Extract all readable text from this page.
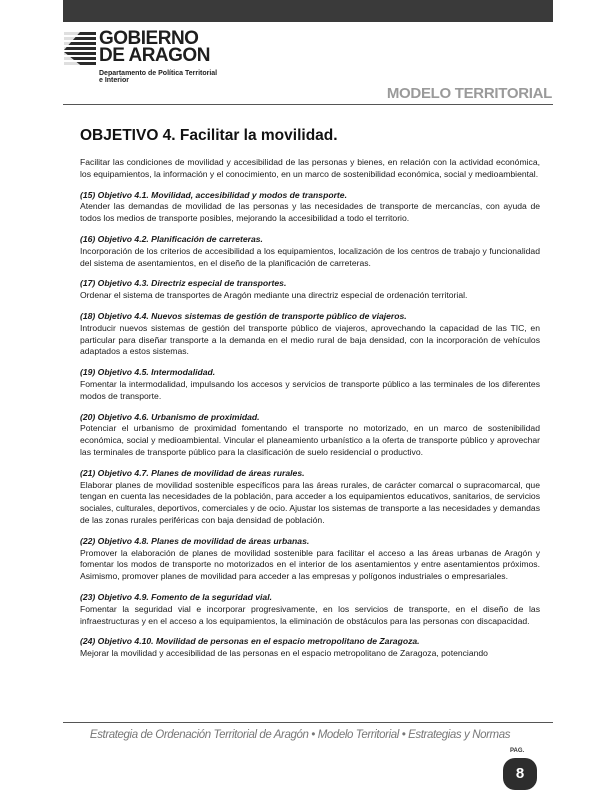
GOBIERNO
DE ARAGON
Departamento de Política Territorial
e Interior
MODELO TERRITORIAL
OBJETIVO 4. Facilitar la movilidad.

Facilitar las condiciones de movilidad y accesibilidad de las personas y bienes, en relación con la actividad económica, los equipamientos, la información y el conocimiento, en un marco de sostenibilidad económica, social y medioambiental.

(15) Objetivo 4.1. Movilidad, accesibilidad y modos de transporte.
Atender las demandas de movilidad de las personas y las necesidades de transporte de mercancías, con ayuda de todos los medios de transporte posibles, mejorando la accesibilidad a todo el territorio.
(16) Objetivo 4.2. Planificación de carreteras.
Incorporación de los criterios de accesibilidad a los equipamientos, localización de los centros de trabajo y funcionalidad del sistema de asentamientos, en el diseño de la planificación de carreteras.
(17) Objetivo 4.3. Directriz especial de transportes.
Ordenar el sistema de transportes de Aragón mediante una directriz especial de ordenación territorial.
(18) Objetivo 4.4. Nuevos sistemas de gestión de transporte público de viajeros.
Introducir nuevos sistemas de gestión del transporte público de viajeros, aprovechando la capacidad de las TIC, en particular para diseñar transporte a la demanda en el medio rural de baja densidad, con la incorporación de vehículos adaptados a estos sistemas.
(19) Objetivo 4.5. Intermodalidad.
Fomentar la intermodalidad, impulsando los accesos y servicios de transporte público a las terminales de los diferentes modos de transporte.
(20) Objetivo 4.6. Urbanismo de proximidad.
Potenciar el urbanismo de proximidad fomentando el transporte no motorizado, en un marco de sostenibilidad económica, social y medioambiental. Vincular el planeamiento urbanístico a la oferta de transporte público y aprovechar las terminales de transporte público para la clasificación de suelo residencial o productivo.
(21) Objetivo 4.7. Planes de movilidad de áreas rurales.
Elaborar planes de movilidad sostenible específicos para las áreas rurales, de carácter comarcal o supracomarcal, que tengan en cuenta las necesidades de la población, para acceder a los equipamientos educativos, sanitarios, de servicios sociales, culturales, deportivos, comerciales y de ocio. Ajustar los sistemas de transporte a las necesidades y demandas de las zonas rurales periféricas con baja densidad de población.
(22) Objetivo 4.8. Planes de movilidad de áreas urbanas.
Promover la elaboración de planes de movilidad sostenible para facilitar el acceso a las áreas urbanas de Aragón y fomentar los modos de transporte no motorizados en el interior de los asentamientos y entre asentamientos próximos. Asimismo, promover planes de movilidad para acceder a las empresas y polígonos industriales o empresariales.
(23) Objetivo 4.9. Fomento de la seguridad vial.
Fomentar la seguridad vial e incorporar progresivamente, en los servicios de transporte, en el diseño de las infraestructuras y en el acceso a los equipamientos, la eliminación de obstáculos para las personas con discapacidad.
(24) Objetivo 4.10. Movilidad de personas en el espacio metropolitano de Zaragoza.
Mejorar la movilidad y accesibilidad de las personas en el espacio metropolitano de Zaragoza, potenciando
Estrategia de Ordenación Territorial de Aragón • Modelo Territorial • Estrategias y Normas
PAG.
8
